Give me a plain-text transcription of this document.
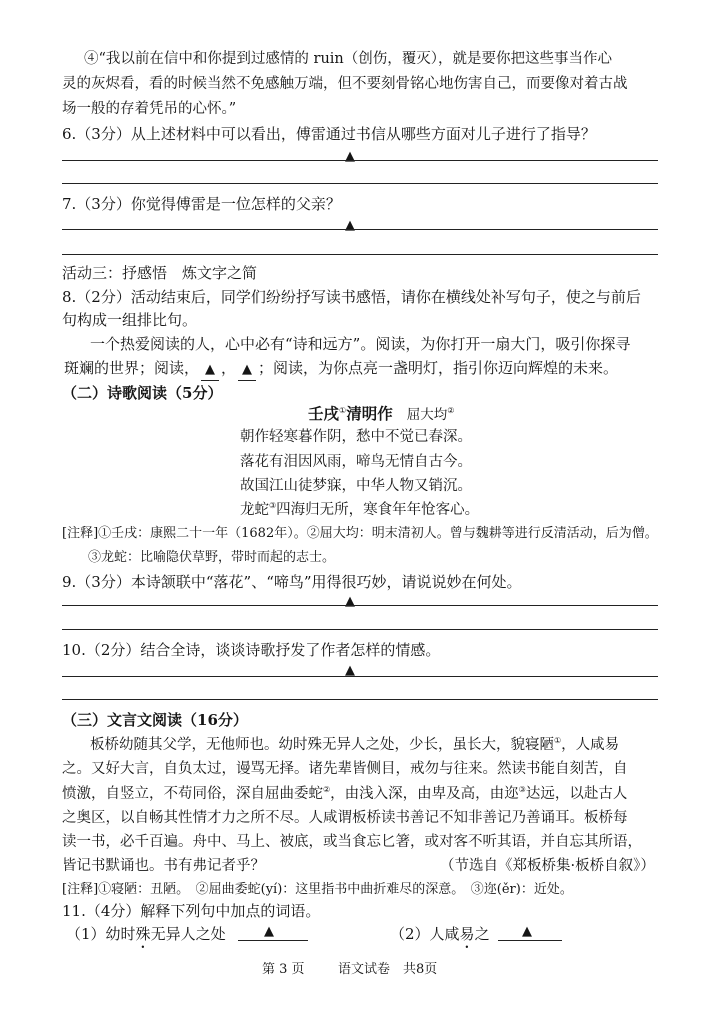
④“我以前在信中和你提到过感情的 ruin（创伤，覆灭），就是要你把这些事当作心
灵的灰烬看，看的时候当然不免感触万端，但不要刻骨铭心地伤害自己，而要像对着古战
场一般的存着凭吊的心怀。”
6.（3分）从上述材料中可以看出，傅雷通过书信从哪些方面对儿子进行了指导？
▲
7.（3分）你觉得傅雷是一位怎样的父亲？
▲
活动三：抒感悟　炼文字之简
8.（2分）活动结束后，同学们纷纷抒写读书感悟，请你在横线处补写句子，使之与前后
句构成一组排比句。
一个热爱阅读的人，心中必有“诗和远方”。阅读，为你打开一扇大门，吸引你探寻
斑斓的世界；阅读， ▲ ， ▲ ；阅读，为你点亮一盏明灯，指引你迈向辉煌的未来。
（二）诗歌阅读（5分）
壬戌①清明作 屈大均②
朝作轻寒暮作阴，愁中不觉已春深。
落花有泪因风雨，啼鸟无情自古今。
故国江山徒梦寐，中华人物又销沉。
龙蛇③四海归无所，寒食年年怆客心。
[注释]①壬戌：康熙二十一年（1682年）。②屈大均：明末清初人。曾与魏耕等进行反清活动，后为僧。
③龙蛇：比喻隐伏草野，带时而起的志士。
9.（3分）本诗颔联中“落花”、“啼鸟”用得很巧妙，请说说妙在何处。
▲
10.（2分）结合全诗，谈谈诗歌抒发了作者怎样的情感。
▲
（三）文言文阅读（16分）
板桥幼随其父学，无他师也。幼时殊无异人之处，少长，虽长大，貌寝陋①，人咸易
之。又好大言，自负太过，谩骂无择。诸先辈皆侧目，戒勿与往来。然读书能自刻苦，自
愤激，自竖立，不苟同俗，深自屈曲委蛇②，由浅入深，由卑及高，由迩③达远，以赴古人
之奥区，以自畅其性情才力之所不尽。人咸谓板桥读书善记不知非善记乃善诵耳。板桥每
读一书，必千百遍。舟中、马上、被底，或当食忘匕箸，或对客不听其语，并自忘其所语，
皆记书默诵也。书有弗记者乎？	（节选自《郑板桥集·板桥自叙》）
[注释]①寝陋：丑陋。　②屈曲委蛇(yí)：这里指书中曲折难尽的深意。　③迩(ěr)：近处。
11.（4分）解释下列句中加点的词语。
（1）幼时殊无异人之处	▲	（2）人咸易之 ▲
第 3 页	语文试卷　共8页
